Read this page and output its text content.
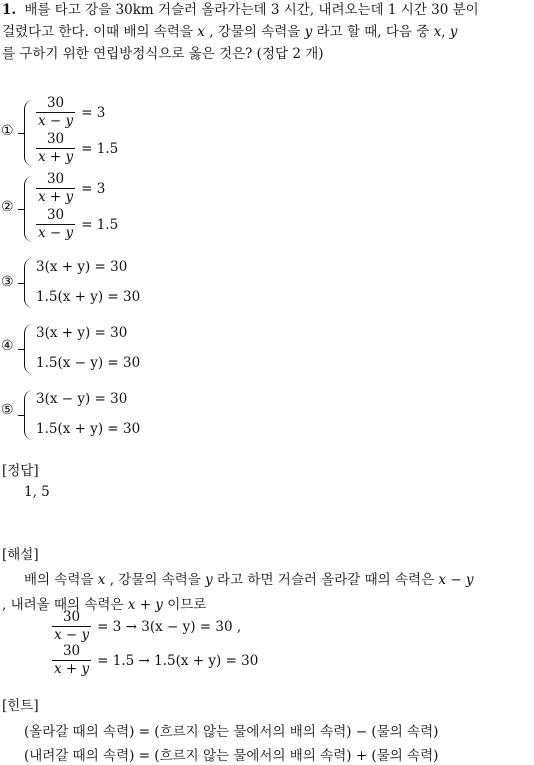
1. 배를 타고 강을 30km 거슬러 올라가는데 3 시간, 내려오는데 1 시간 30 분이
걸렸다고 한다. 이때 배의 속력을 x , 강물의 속력을 y 라고 할 때, 다음 중 x, y
를 구하기 위한 연립방정식으로 옳은 것은? (정답 2 개)
①
$\frac{30}{x - y} = 3$
$\frac{30}{x + y} = 1.5$
②
$\frac{30}{x + y} = 3$
$\frac{30}{x - y} = 1.5$
③
3(x + y) = 30
1.5(x + y) = 30
④
3(x + y) = 30
1.5(x − y) = 30
⑤
3(x − y) = 30
1.5(x + y) = 30
[정답]
1, 5
[해설]
배의 속력을 x , 강물의 속력을 y 라고 하면 거슬러 올라갈 때의 속력은 x − y
, 내려올 때의 속력은 x + y 이므로
$\frac{30}{x - y} = 3 \to 3(x - y) = 30$ ,
$\frac{30}{x + y} = 1.5 \to 1.5(x + y) = 30$
[힌트]
(올라갈 때의 속력) = (흐르지 않는 물에서의 배의 속력) − (물의 속력)
(내려갈 때의 속력) = (흐르지 않는 물에서의 배의 속력) + (물의 속력)
